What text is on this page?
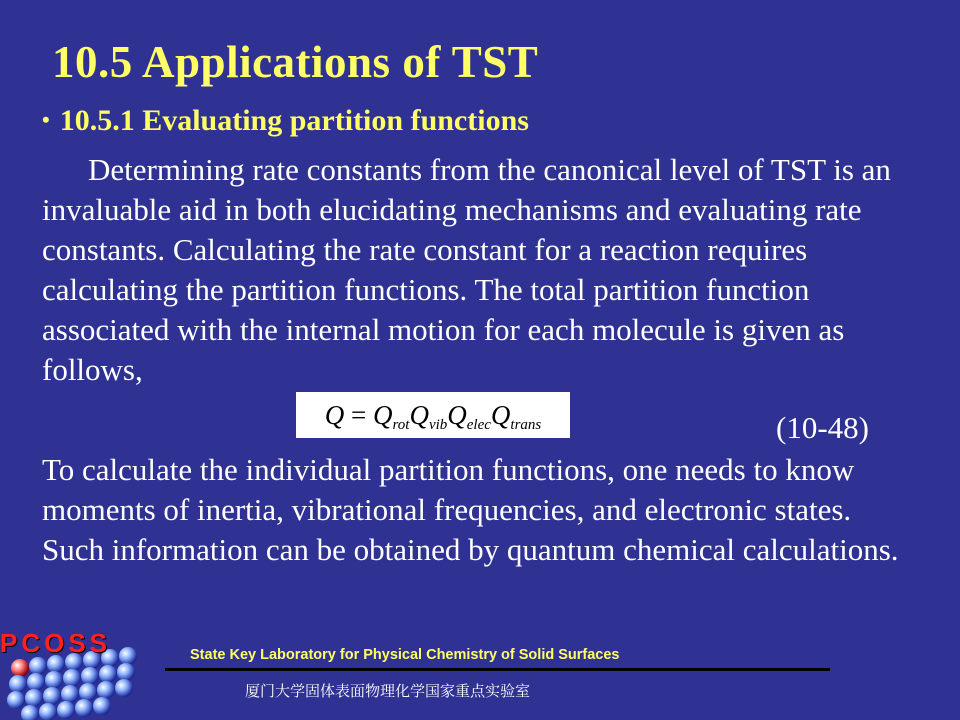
10.5 Applications of TST
• 10.5.1 Evaluating partition functions
Determining rate constants from the canonical level of TST is an invaluable aid in both elucidating mechanisms and evaluating rate constants. Calculating the rate constant for a reaction requires calculating the partition functions. The total partition function associated with the internal motion for each molecule is given as follows,
$Q = Q_{rot}Q_{vib}Q_{elec}Q_{trans}$	(10-48)
To calculate the individual partition functions, one needs to know moments of inertia, vibrational frequencies, and electronic states. Such information can be obtained by quantum chemical calculations.
PCOSS	State Key Laboratory for Physical Chemistry of Solid Surfaces
厦门大学固体表面物理化学国家重点实验室
